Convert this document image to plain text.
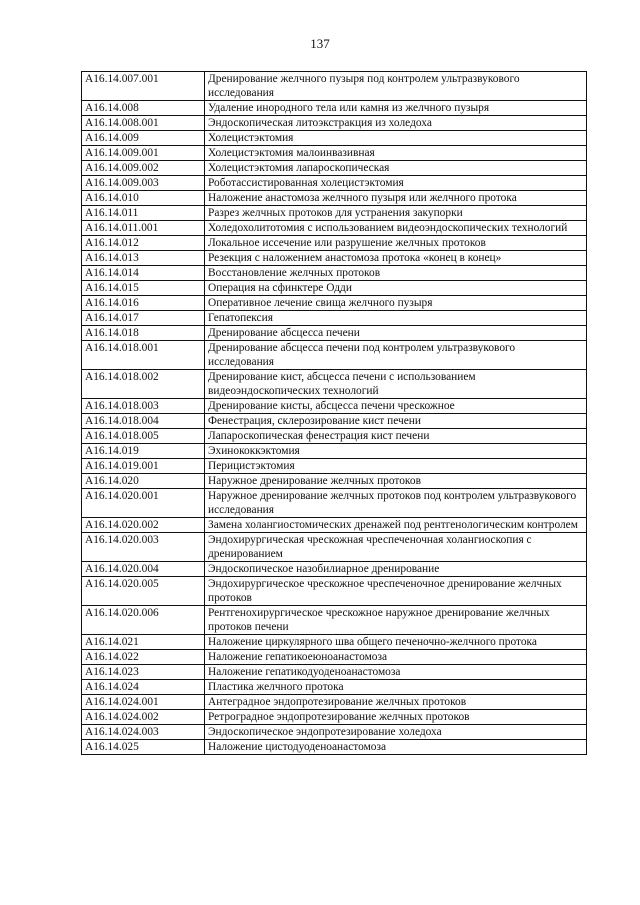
137
A16.14.007.001	Дренирование желчного пузыря под контролем ультразвукового исследования
A16.14.008	Удаление инородного тела или камня из желчного пузыря
A16.14.008.001	Эндоскопическая литоэкстракция из холедоха
A16.14.009	Холецистэктомия
A16.14.009.001	Холецистэктомия малоинвазивная
A16.14.009.002	Холецистэктомия лапароскопическая
A16.14.009.003	Роботассистированная холецистэктомия
A16.14.010	Наложение анастомоза желчного пузыря или желчного протока
A16.14.011	Разрез желчных протоков для устранения закупорки
A16.14.011.001	Холедохолитотомия с использованием видеоэндоскопических технологий
A16.14.012	Локальное иссечение или разрушение желчных протоков
A16.14.013	Резекция с наложением анастомоза протока «конец в конец»
A16.14.014	Восстановление желчных протоков
A16.14.015	Операция на сфинктере Одди
A16.14.016	Оперативное лечение свища желчного пузыря
A16.14.017	Гепатопексия
A16.14.018	Дренирование абсцесса печени
A16.14.018.001	Дренирование абсцесса печени под контролем ультразвукового исследования
A16.14.018.002	Дренирование кист, абсцесса печени с использованием видеоэндоскопических технологий
A16.14.018.003	Дренирование кисты, абсцесса печени чрескожное
A16.14.018.004	Фенестрация, склерозирование кист печени
A16.14.018.005	Лапароскопическая фенестрация кист печени
A16.14.019	Эхинококкэктомия
A16.14.019.001	Перицистэктомия
A16.14.020	Наружное дренирование желчных протоков
A16.14.020.001	Наружное дренирование желчных протоков под контролем ультразвукового исследования
A16.14.020.002	Замена холангиостомических дренажей под рентгенологическим контролем
A16.14.020.003	Эндохирургическая чрескожная чреспеченочная холангиоскопия с дренированием
A16.14.020.004	Эндоскопическое назобилиарное дренирование
A16.14.020.005	Эндохирургическое чрескожное чреспеченочное дренирование желчных протоков
A16.14.020.006	Рентгенохирургическое чрескожное наружное дренирование желчных протоков печени
A16.14.021	Наложение циркулярного шва общего печеночно-желчного протока
A16.14.022	Наложение гепатикоеюноанастомоза
A16.14.023	Наложение гепатикодуоденоанастомоза
A16.14.024	Пластика желчного протока
A16.14.024.001	Антеградное эндопротезирование желчных протоков
A16.14.024.002	Ретроградное эндопротезирование желчных протоков
A16.14.024.003	Эндоскопическое эндопротезирование холедоха
A16.14.025	Наложение цистодуоденоанастомоза
